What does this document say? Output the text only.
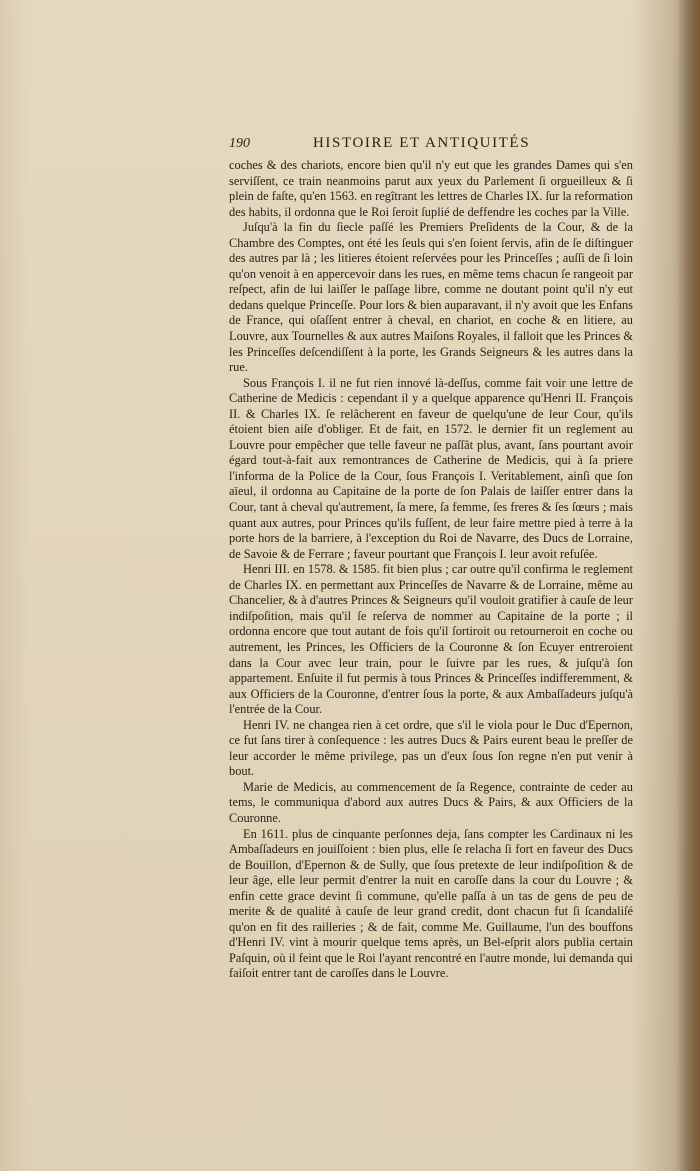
190	HISTOIRE ET ANTIQUITÉS

coches & des chariots, encore bien qu'il n'y eut que les grandes Dames qui s'en serviſſent, ce train neanmoins parut aux yeux du Parlement ſi orgueilleux & ſi plein de faſte, qu'en 1563. en regîtrant les lettres de Charles IX. ſur la reformation des habits, il ordonna que le Roi ſeroit ſuplié de deffendre les coches par la Ville.

Juſqu'à la fin du ſiecle paſſé les Premiers Preſidents de la Cour, & de la Chambre des Comptes, ont été les ſeuls qui s'en ſoient ſervis, afin de ſe diſtinguer des autres par là ; les litieres étoient reſervées pour les Princeſſes ; auſſi de ſi loin qu'on venoit à en appercevoir dans les rues, en même tems chacun ſe rangeoit par reſpect, afin de lui laiſſer le paſſage libre, comme ne doutant point qu'il n'y eut dedans quelque Princeſſe. Pour lors & bien auparavant, il n'y avoit que les Enfans de France, qui oſaſſent entrer à cheval, en chariot, en coche & en litiere, au Louvre, aux Tournelles & aux autres Maiſons Royales, il falloit que les Princes & les Princeſſes deſcendiſſent à la porte, les Grands Seigneurs & les autres dans la rue.

Sous François I. il ne fut rien innové là-deſſus, comme fait voir une lettre de Catherine de Medicis : cependant il y a quelque apparence qu'Henri II. François II. & Charles IX. ſe relâcherent en faveur de quelqu'une de leur Cour, qu'ils étoient bien aiſe d'obliger. Et de fait, en 1572. le dernier fit un reglement au Louvre pour empêcher que telle faveur ne paſſât plus, avant, ſans pourtant avoir égard tout-à-fait aux remontrances de Catherine de Medicis, qui à ſa priere l'informa de la Police de la Cour, ſous François I. Veritablement, ainſi que ſon aïeul, il ordonna au Capitaine de la porte de ſon Palais de laiſſer entrer dans la Cour, tant à cheval qu'autrement, ſa mere, ſa femme, ſes freres & ſes ſœurs ; mais quant aux autres, pour Princes qu'ils fuſſent, de leur faire mettre pied à terre à la porte hors de la barriere, à l'exception du Roi de Navarre, des Ducs de Lorraine, de Savoie & de Ferrare ; faveur pourtant que François I. leur avoit refuſée.

Henri III. en 1578. & 1585. fit bien plus ; car outre qu'il confirma le reglement de Charles IX. en permettant aux Princeſſes de Navarre & de Lorraine, même au Chancelier, & à d'autres Princes & Seigneurs qu'il vouloit gratifier à cauſe de leur indiſpoſition, mais qu'il ſe reſerva de nommer au Capitaine de la porte ; il ordonna encore que tout autant de fois qu'il ſortiroit ou retourneroit en coche ou autrement, les Princes, les Officiers de la Couronne & ſon Ecuyer entreroient dans la Cour avec leur train, pour le ſuivre par les rues, & juſqu'à ſon appartement. Enſuite il fut permis à tous Princes & Princeſſes indifferemment, & aux Officiers de la Couronne, d'entrer ſous la porte, & aux Ambaſſadeurs juſqu'à l'entrée de la Cour.

Henri IV. ne changea rien à cet ordre, que s'il le viola pour le Duc d'Epernon, ce fut ſans tirer à conſequence : les autres Ducs & Pairs eurent beau le preſſer de leur accorder le même privilege, pas un d'eux ſous ſon regne n'en put venir à bout.

Marie de Medicis, au commencement de ſa Regence, contrainte de ceder au tems, le communiqua d'abord aux autres Ducs & Pairs, & aux Officiers de la Couronne.

En 1611. plus de cinquante perſonnes deja, ſans compter les Cardinaux ni les Ambaſſadeurs en jouiſſoient : bien plus, elle ſe relacha ſi fort en faveur des Ducs de Bouillon, d'Epernon & de Sully, que ſous pretexte de leur indiſpoſition & de leur âge, elle leur permit d'entrer la nuit en caroſſe dans la cour du Louvre ; & enfin cette grace devint ſi commune, qu'elle paſſa à un tas de gens de peu de merite & de qualité à cauſe de leur grand credit, dont chacun fut ſi ſcandaliſé qu'on en fit des railleries ; & de fait, comme Me. Guillaume, l'un des bouffons d'Henri IV. vint à mourir quelque tems après, un Bel-eſprit alors publia certain Paſquin, où il feint que le Roi l'ayant rencontré en l'autre monde, lui demanda qui faiſoit entrer tant de caroſſes dans le Louvre.
